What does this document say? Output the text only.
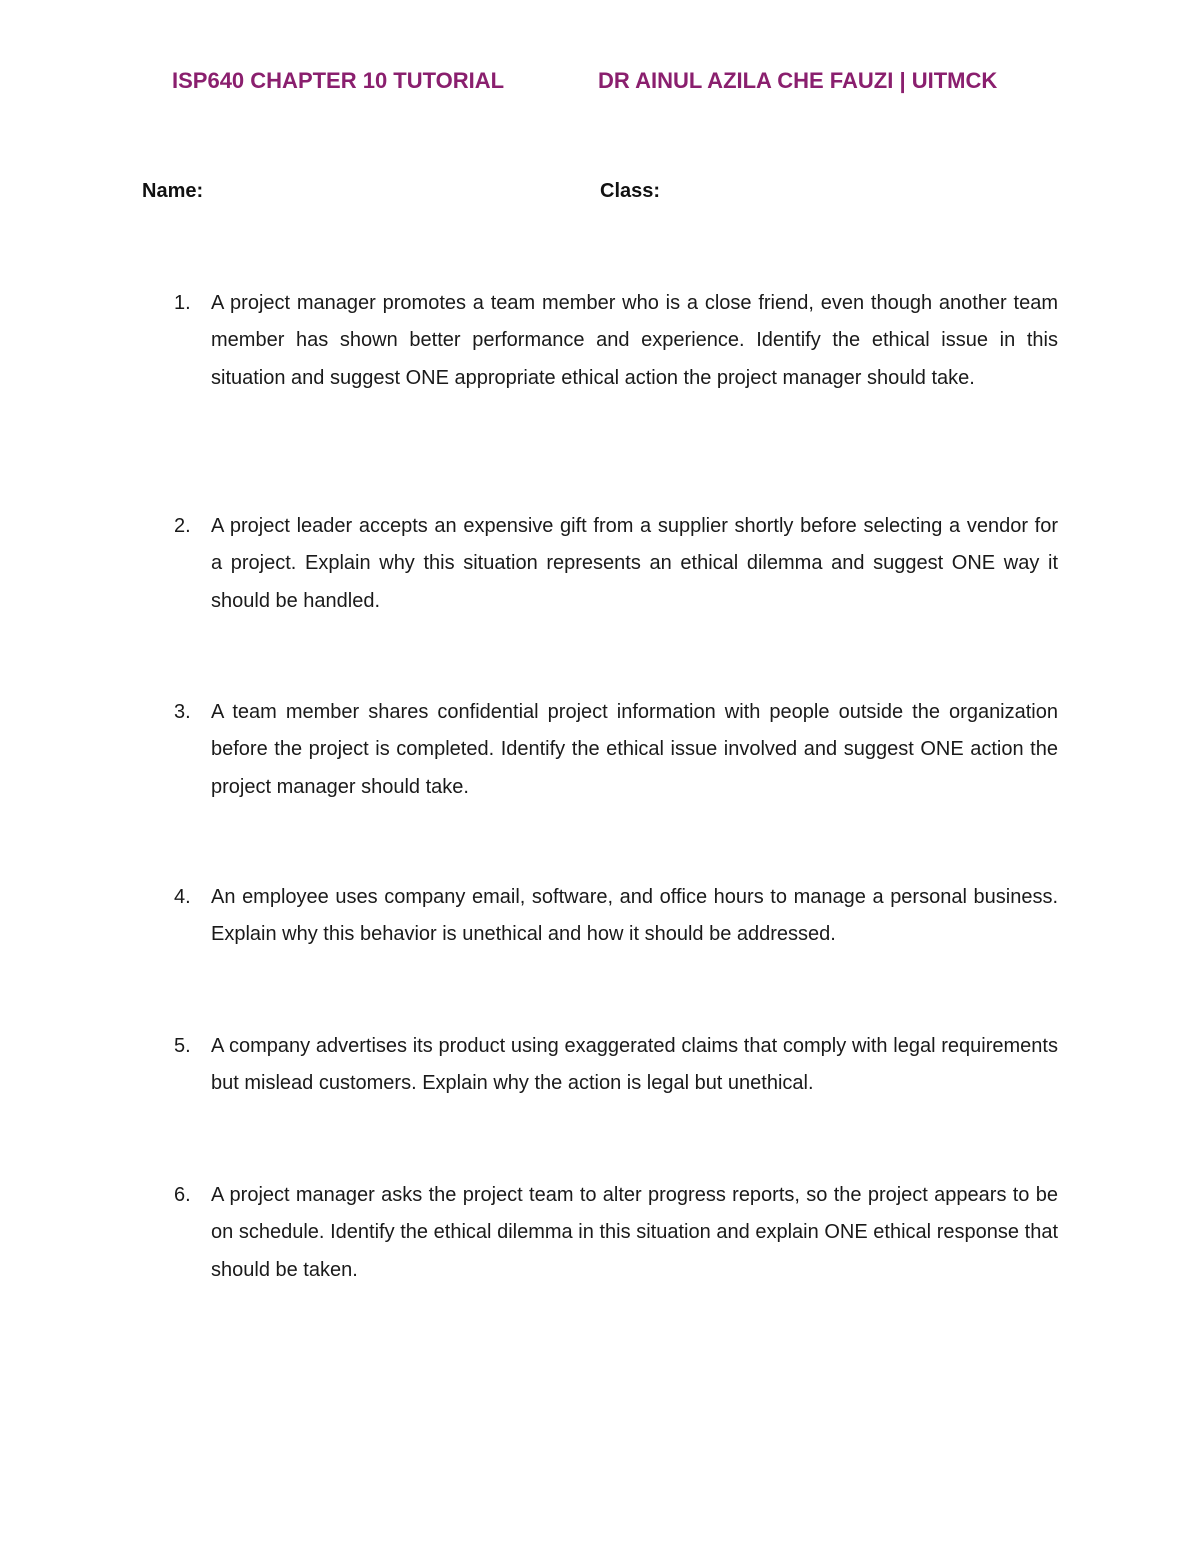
ISP640 CHAPTER 10 TUTORIAL	DR AINUL AZILA CHE FAUZI | UITMCK
Name:	Class:
1.	A project manager promotes a team member who is a close friend, even though another team member has shown better performance and experience. Identify the ethical issue in this situation and suggest ONE appropriate ethical action the project manager should take.
2.	A project leader accepts an expensive gift from a supplier shortly before selecting a vendor for a project. Explain why this situation represents an ethical dilemma and suggest ONE way it should be handled.
3.	A team member shares confidential project information with people outside the organization before the project is completed. Identify the ethical issue involved and suggest ONE action the project manager should take.
4.	An employee uses company email, software, and office hours to manage a personal business. Explain why this behavior is unethical and how it should be addressed.
5.	A company advertises its product using exaggerated claims that comply with legal requirements but mislead customers. Explain why the action is legal but unethical.
6.	A project manager asks the project team to alter progress reports, so the project appears to be on schedule. Identify the ethical dilemma in this situation and explain ONE ethical response that should be taken.
